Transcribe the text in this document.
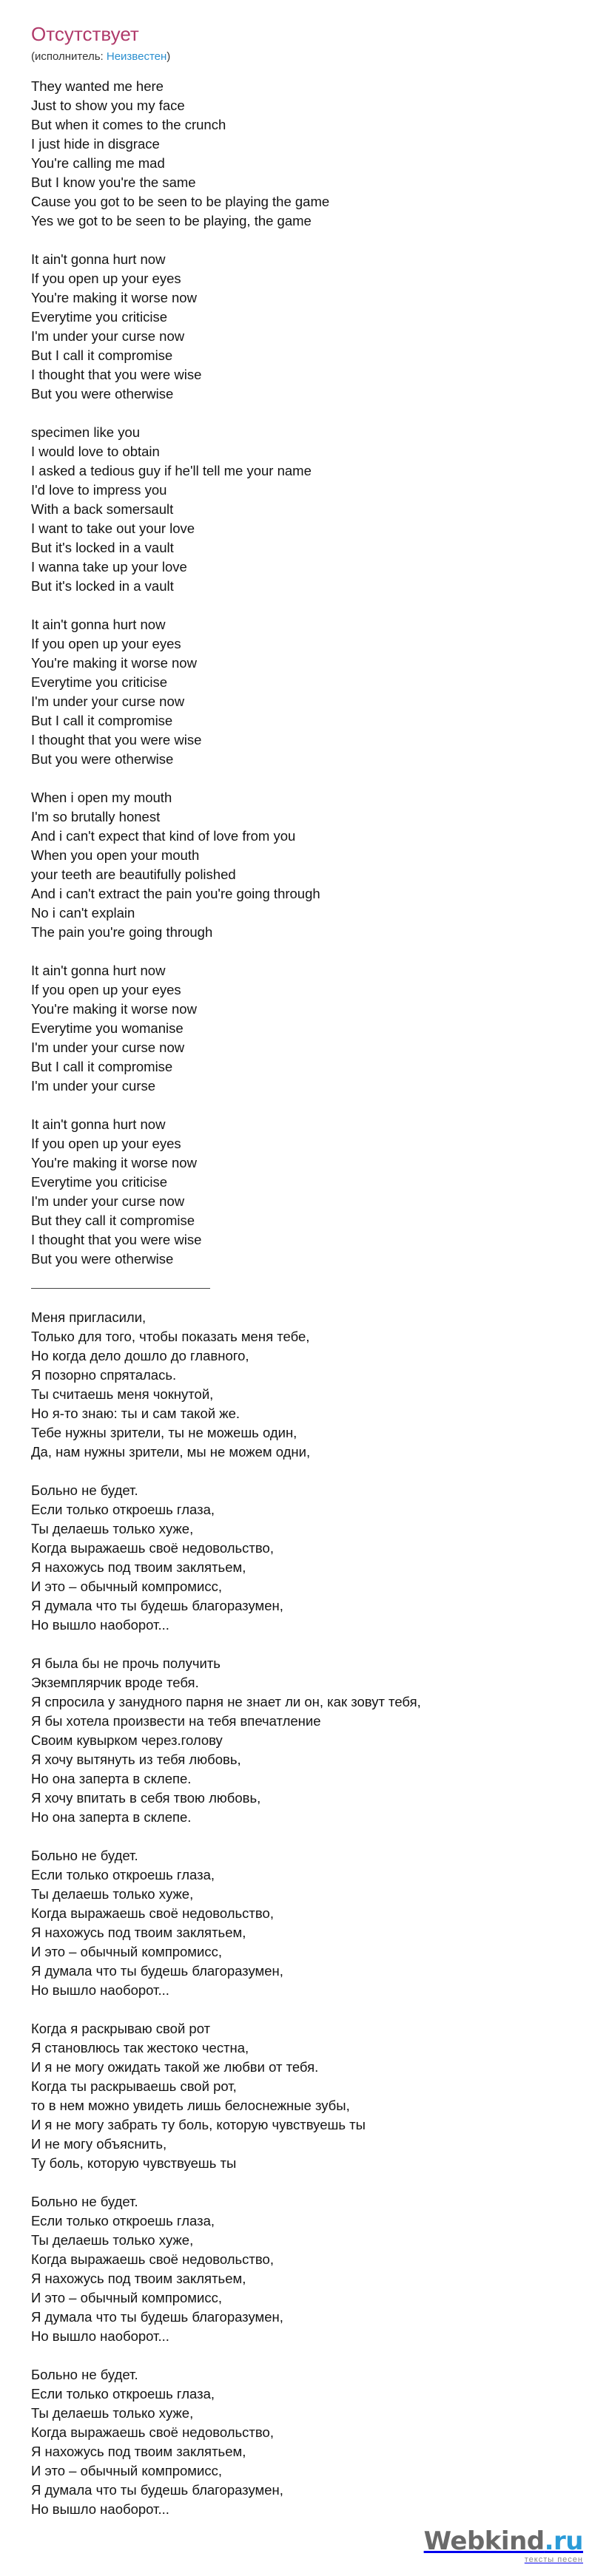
Отсутствует
(исполнитель: Неизвестен)
They wanted me here
Just to show you my face
But when it comes to the crunch
I just hide in disgrace
You're calling me mad
But I know you're the same
Cause you got to be seen to be playing the game
Yes we got to be seen to be playing, the game
It ain't gonna hurt now
If you open up your eyes
You're making it worse now
Everytime you criticise
I'm under your curse now
But I call it compromise
I thought that you were wise
But you were otherwise
specimen like you
I would love to obtain
I asked a tedious guy if he'll tell me your name
I'd love to impress you
With a back somersault
I want to take out your love
But it's locked in a vault
I wanna take up your love
But it's locked in a vault
It ain't gonna hurt now
If you open up your eyes
You're making it worse now
Everytime you criticise
I'm under your curse now
But I call it compromise
I thought that you were wise
But you were otherwise
When i open my mouth
I'm so brutally honest
And i can't expect that kind of love from you
When you open your mouth
your teeth are beautifully polished
And i can't extract the pain you're going through
No i can't explain
The pain you're going through
It ain't gonna hurt now
If you open up your eyes
You're making it worse now
Everytime you womanise
I'm under your curse now
But I call it compromise
I'm under your curse
It ain't gonna hurt now
If you open up your eyes
You're making it worse now
Everytime you criticise
I'm under your curse now
But they call it compromise
I thought that you were wise
But you were otherwise
Меня пригласили,
Только для того, чтобы показать меня тебе,
Но когда дело дошло до главного,
Я позорно спряталась.
Ты считаешь меня чокнутой,
Но я-то знаю: ты и сам такой же.
Тебе нужны зрители, ты не можешь один,
Да, нам нужны зрители, мы не можем одни,
Больно не будет.
Если только откроешь глаза,
Ты делаешь только хуже,
Когда выражаешь своё недовольство,
Я нахожусь под твоим заклятьем,
И это – обычный компромисс,
Я думала что ты будешь благоразумен,
Но вышло наоборот...
Я была бы не прочь получить
Экземплярчик вроде тебя.
Я спросила у занудного парня не знает ли он, как зовут тебя,
Я бы хотела произвести на тебя впечатление
Своим кувырком через.голову
Я хочу вытянуть из тебя любовь,
Но она заперта в склепе.
Я хочу впитать в себя твою любовь,
Но она заперта в склепе.
Больно не будет.
Если только откроешь глаза,
Ты делаешь только хуже,
Когда выражаешь своё недовольство,
Я нахожусь под твоим заклятьем,
И это – обычный компромисс,
Я думала что ты будешь благоразумен,
Но вышло наоборот...
Когда я раскрываю свой рот
Я становлюсь так жестоко честна,
И я не могу ожидать такой же любви от тебя.
Когда ты раскрываешь свой рот,
то в нем можно увидеть лишь белоснежные зубы,
И я не могу забрать ту боль, которую чувствуешь ты
И не могу объяснить,
Ту боль, которую чувствуешь ты
Больно не будет.
Если только откроешь глаза,
Ты делаешь только хуже,
Когда выражаешь своё недовольство,
Я нахожусь под твоим заклятьем,
И это – обычный компромисс,
Я думала что ты будешь благоразумен,
Но вышло наоборот...
Больно не будет.
Если только откроешь глаза,
Ты делаешь только хуже,
Когда выражаешь своё недовольство,
Я нахожусь под твоим заклятьем,
И это – обычный компромисс,
Я думала что ты будешь благоразумен,
Но вышло наоборот...
Webkind.ru
тексты песен
